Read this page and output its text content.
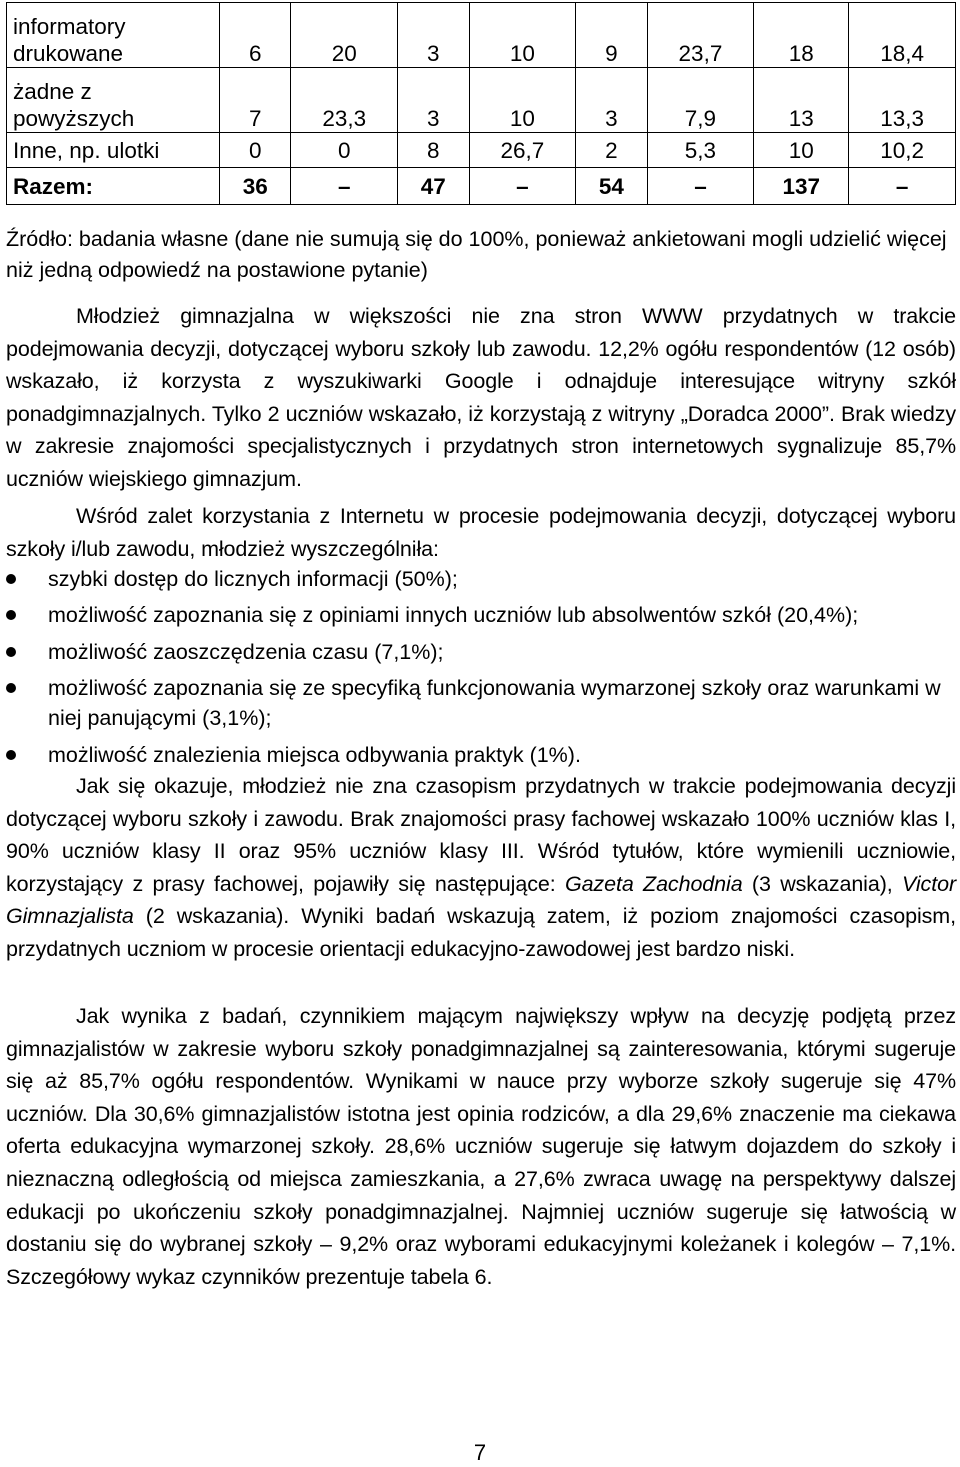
informatory drukowane	6	20	3	10	9	23,7	18	18,4
żadne z powyższych	7	23,3	3	10	3	7,9	13	13,3
Inne, np. ulotki	0	0	8	26,7	2	5,3	10	10,2
Razem:	36	–	47	–	54	–	137	–
Źródło: badania własne (dane nie sumują się do 100%, ponieważ ankietowani mogli udzielić więcej niż jedną odpowiedź na postawione pytanie)

Młodzież gimnazjalna w większości nie zna stron WWW przydatnych w trakcie podejmowania decyzji, dotyczącej wyboru szkoły lub zawodu. 12,2% ogółu respondentów (12 osób) wskazało, iż korzysta z wyszukiwarki Google i odnajduje interesujące witryny szkół ponadgimnazjalnych. Tylko 2 uczniów wskazało, iż korzystają z witryny „Doradca 2000”. Brak wiedzy w zakresie znajomości specjalistycznych i przydatnych stron internetowych sygnalizuje 85,7% uczniów wiejskiego gimnazjum.

Wśród zalet korzystania z Internetu w procesie podejmowania decyzji, dotyczącej wyboru szkoły i/lub zawodu, młodzież wyszczególniła:

szybki dostęp do licznych informacji (50%);
możliwość zapoznania się z opiniami innych uczniów lub absolwentów szkół (20,4%);
możliwość zaoszczędzenia czasu (7,1%);
możliwość zapoznania się ze specyfiką funkcjonowania wymarzonej szkoły oraz warunkami w niej panującymi (3,1%);
możliwość znalezienia miejsca odbywania praktyk (1%).

Jak się okazuje, młodzież nie zna czasopism przydatnych w trakcie podejmowania decyzji dotyczącej wyboru szkoły i zawodu. Brak znajomości prasy fachowej wskazało 100% uczniów klas I, 90% uczniów klasy II oraz 95% uczniów klasy III. Wśród tytułów, które wymienili uczniowie, korzystający z prasy fachowej, pojawiły się następujące: Gazeta Zachodnia (3 wskazania), Victor Gimnazjalista (2 wskazania). Wyniki badań wskazują zatem, iż poziom znajomości czasopism, przydatnych uczniom w procesie orientacji edukacyjno-zawodowej jest bardzo niski.

Jak wynika z badań, czynnikiem mającym największy wpływ na decyzję podjętą przez gimnazjalistów w zakresie wyboru szkoły ponadgimnazjalnej są zainteresowania, którymi sugeruje się aż 85,7% ogółu respondentów. Wynikami w nauce przy wyborze szkoły sugeruje się 47% uczniów. Dla 30,6% gimnazjalistów istotna jest opinia rodziców, a dla 29,6% znaczenie ma ciekawa oferta edukacyjna wymarzonej szkoły. 28,6% uczniów sugeruje się łatwym dojazdem do szkoły i nieznaczną odległością od miejsca zamieszkania, a 27,6% zwraca uwagę na perspektywy dalszej edukacji po ukończeniu szkoły ponadgimnazjalnej. Najmniej uczniów sugeruje się łatwością w dostaniu się do wybranej szkoły – 9,2% oraz wyborami edukacyjnymi koleżanek i kolegów – 7,1%. Szczegółowy wykaz czynników prezentuje tabela 6.

7
